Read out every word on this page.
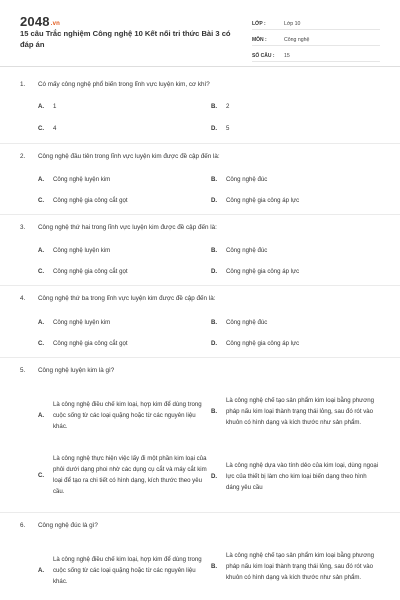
2048.vn
15 câu Trắc nghiệm Công nghệ 10 Kết nối tri thức Bài 3 có đáp án
LỚP :	Lớp 10
MÔN :	Công nghệ
SỐ CÂU :	15
1. Có mấy công nghệ phổ biến trong lĩnh vực luyện kim, cơ khí?
A.	1	B.	2
C.	4	D.	5
2. Công nghệ đầu tiên trong lĩnh vực luyện kim được đề cập đến là:
A.	Công nghệ luyện kim	B.	Công nghệ đúc
C.	Công nghệ gia công cắt gọt	D.	Công nghệ gia công áp lực
3. Công nghệ thứ hai trong lĩnh vực luyện kim được đề cập đến là:
A.	Công nghệ luyện kim	B.	Công nghệ đúc
C.	Công nghệ gia công cắt gọt	D.	Công nghệ gia công áp lực
4. Công nghệ thứ ba trong lĩnh vực luyện kim được đề cập đến là:
A.	Công nghệ luyện kim	B.	Công nghệ đúc
C.	Công nghệ gia công cắt gọt	D.	Công nghệ gia công áp lực
5. Công nghệ luyện kim là gì?
A.
Là công nghệ điều chế kim loại, hợp kim để dùng trong cuộc sống từ các loại quặng hoặc từ các nguyên liệu khác.
B.
Là công nghệ chế tạo sản phẩm kim loại bằng phương pháp nấu kim loại thành trạng thái lỏng, sau đó rót vào khuôn có hình dạng và kích thước như sản phẩm.
C.
Là công nghệ thực hiện việc lấy đi một phần kim loại của phôi dưới dạng phoi nhờ các dụng cụ cắt và máy cắt kim loại để tạo ra chi tiết có hình dạng, kích thước theo yêu cầu.
D.
Là công nghệ dựa vào tính dẻo của kim loại, dùng ngoại lực của thiết bị làm cho kim loại biến dạng theo hình dáng yêu cầu
6. Công nghệ đúc là gì?
A.
Là công nghệ điều chế kim loại, hợp kim để dùng trong cuộc sống từ các loại quặng hoặc từ các nguyên liệu khác.
B.
Là công nghệ chế tạo sản phẩm kim loại bằng phương pháp nấu kim loại thành trạng thái lỏng, sau đó rót vào khuôn có hình dạng và kích thước như sản phẩm.
